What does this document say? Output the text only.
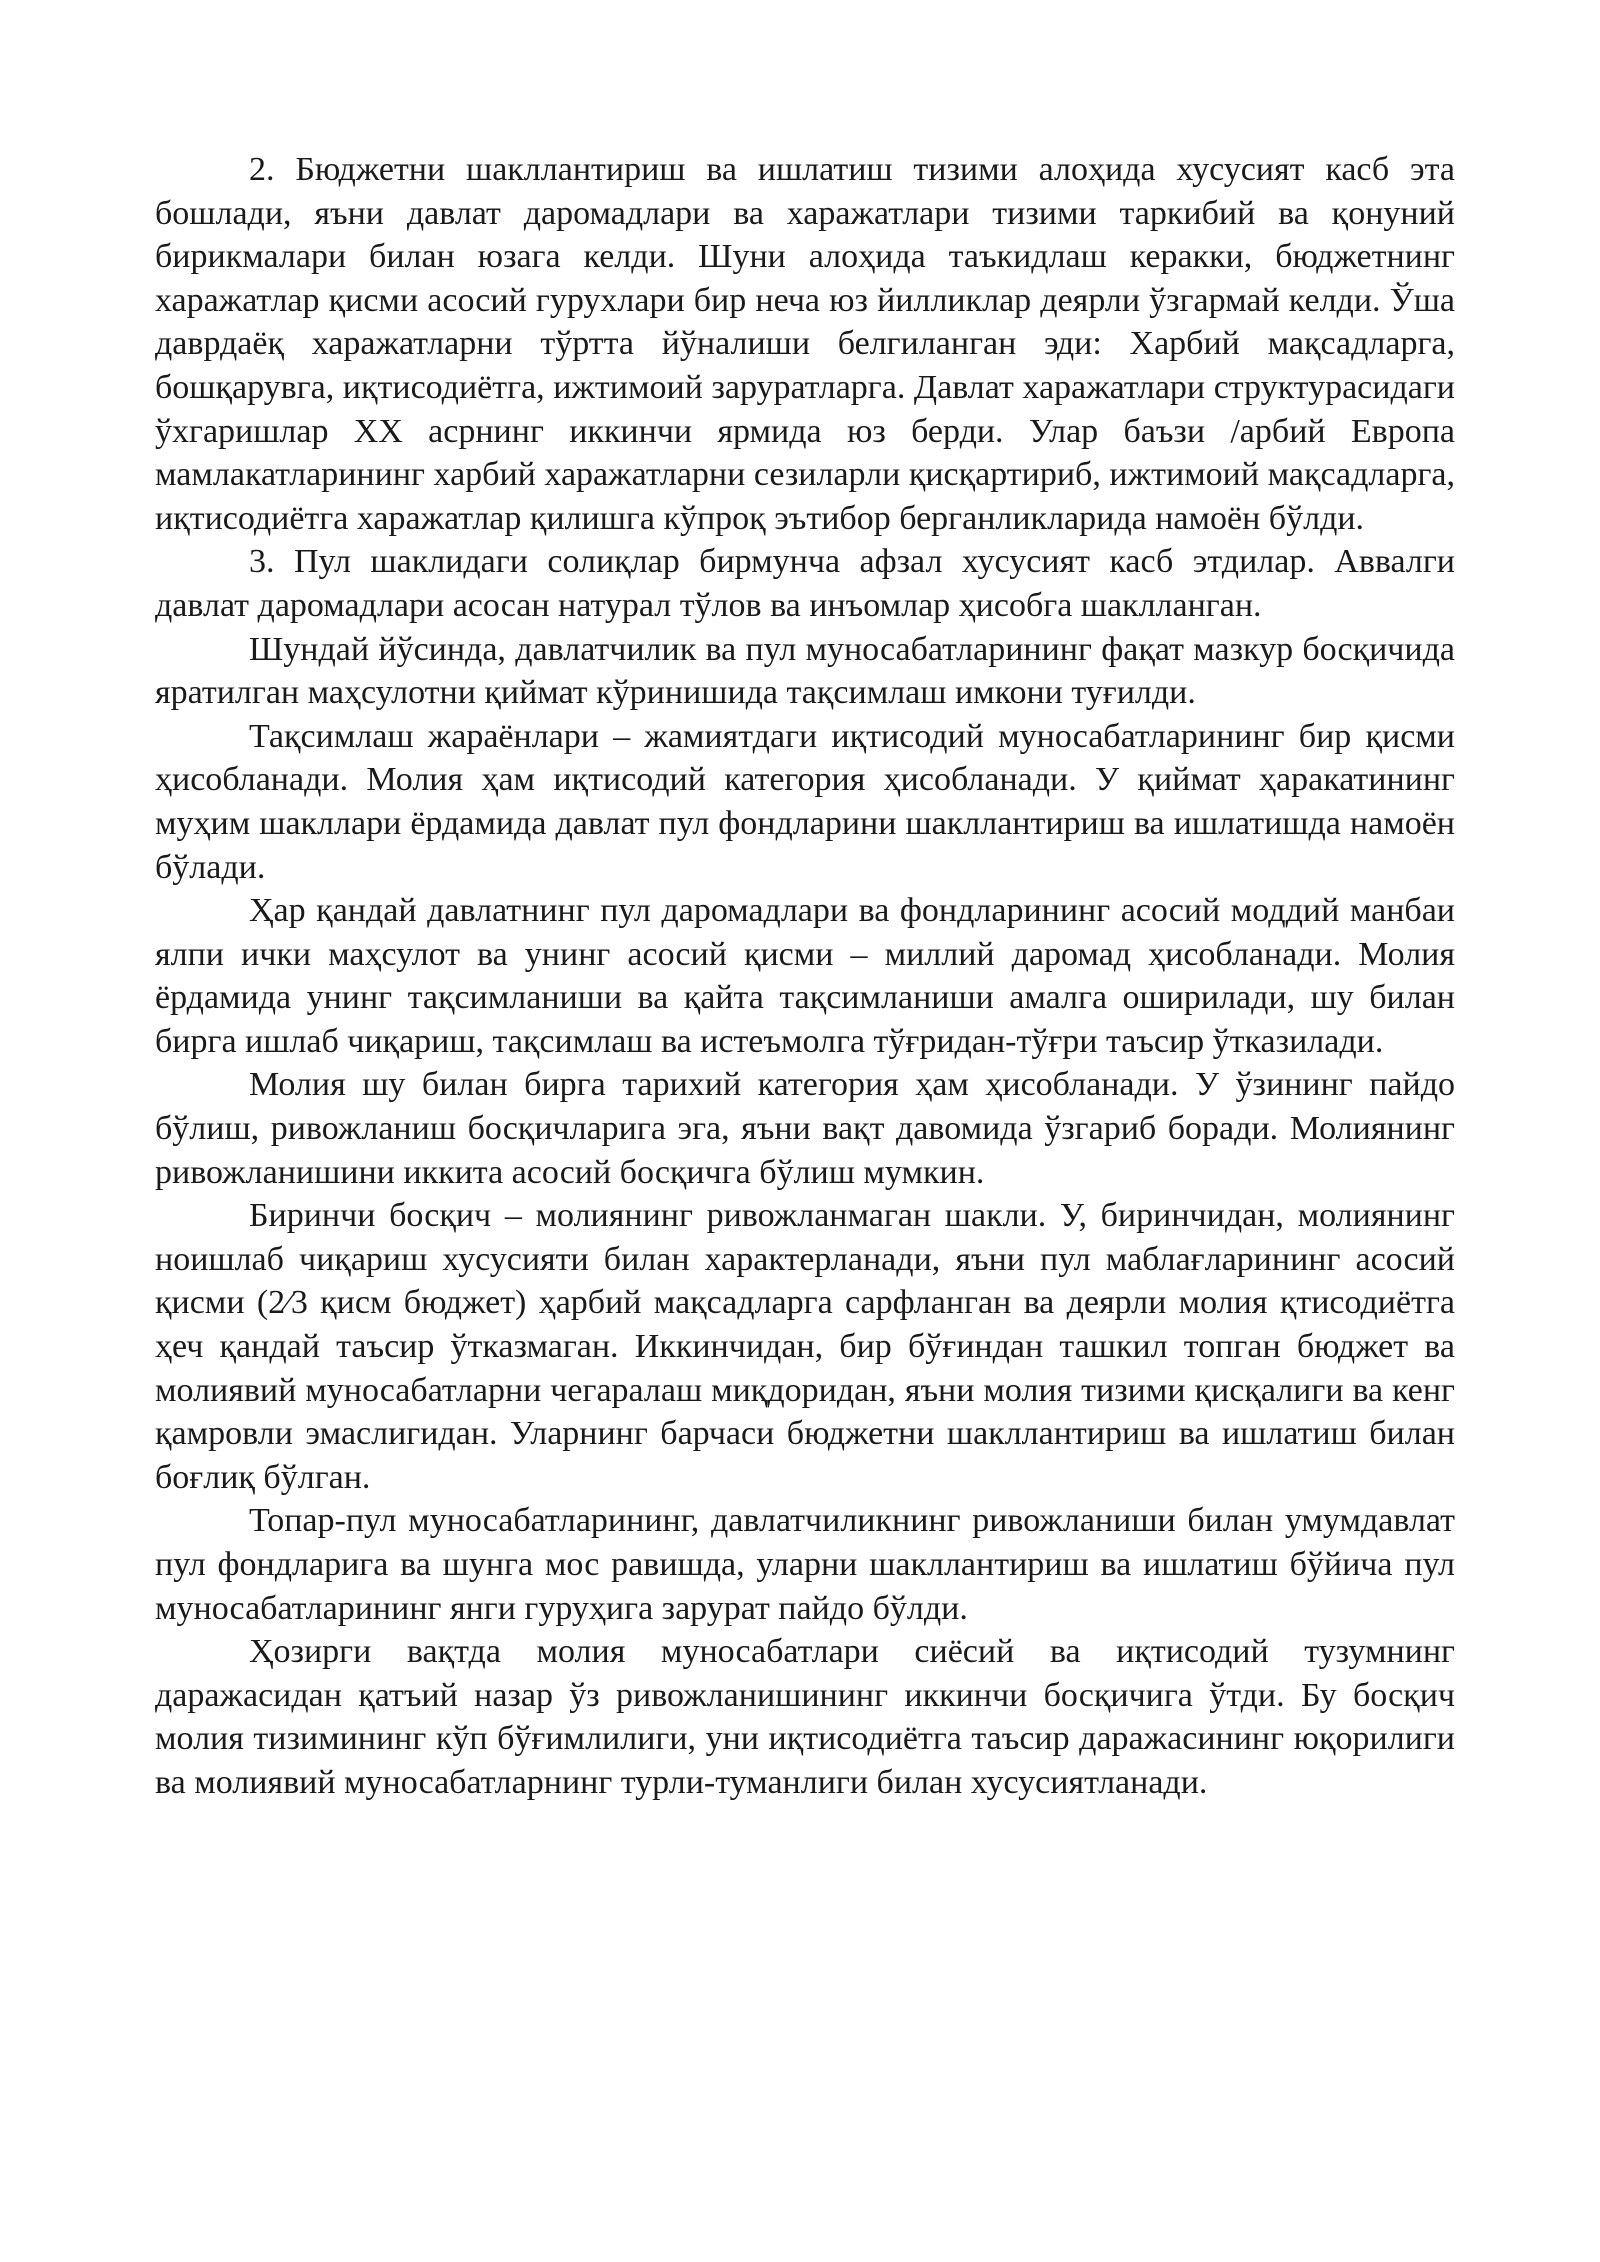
2. Бюджетни шакллантириш ва ишлатиш тизими алоҳида хусусият касб эта бошлади, яъни давлат даромадлари ва харажатлари тизими таркибий ва қонуний бирикмалари билан юзага келди. Шуни алоҳида таъкидлаш керакки, бюджетнинг харажатлар қисми асосий гурухлари бир неча юз йилликлар деярли ўзгармай келди. Ўша даврдаёқ харажатларни тўртта йўналиши белгиланган эди: Харбий мақсадларга, бошқарувга, иқтисодиётга, ижтимоий заруратларга. Давлат харажатлари структурасидаги ўхгаришлар XX асрнинг иккинчи ярмида юз берди. Улар баъзи /арбий Европа мамлакатларининг харбий харажатларни сезиларли қисқартириб, ижтимоий мақсадларга, иқтисодиётга харажатлар қилишга кўпроқ эътибор берганликларида намоён бўлди.

3. Пул шаклидаги солиқлар бирмунча афзал хусусият касб этдилар. Аввалги давлат даромадлари асосан натурал тўлов ва инъомлар ҳисобга шаклланган.

Шундай йўсинда, давлатчилик ва пул муносабатларининг фақат мазкур босқичида яратилган маҳсулотни қиймат кўринишида тақсимлаш имкони туғилди.

Тақсимлаш жараёнлари – жамиятдаги иқтисодий муносабатларининг бир қисми ҳисобланади. Молия ҳам иқтисодий категория ҳисобланади. У қиймат ҳаракатининг муҳим шакллари ёрдамида давлат пул фондларини шакллантириш ва ишлатишда намоён бўлади.

Ҳар қандай давлатнинг пул даромадлари ва фондларининг асосий моддий манбаи ялпи ички маҳсулот ва унинг асосий қисми – миллий даромад ҳисобланади. Молия ёрдамида унинг тақсимланиши ва қайта тақсимланиши амалга оширилади, шу билан бирга ишлаб чиқариш, тақсимлаш ва истеъмолга тўғридан-тўғри таъсир ўтказилади.

Молия шу билан бирга тарихий категория ҳам ҳисобланади. У ўзининг пайдо бўлиш, ривожланиш босқичларига эга, яъни вақт давомида ўзгариб боради. Молиянинг ривожланишини иккита асосий босқичга бўлиш мумкин.

Биринчи босқич – молиянинг ривожланмаган шакли. У, биринчидан, молиянинг ноишлаб чиқариш хусусияти билан характерланади, яъни пул маблағларининг асосий қисми (2⁄3 қисм бюджет) ҳарбий мақсадларга сарфланган ва деярли молия қтисодиётга ҳеч қандай таъсир ўтказмаган. Иккинчидан, бир бўғиндан ташкил топган бюджет ва молиявий муносабатларни чегаралаш миқдоридан, яъни молия тизими қисқалиги ва кенг қамровли эмаслигидан. Уларнинг барчаси бюджетни шакллантириш ва ишлатиш билан боғлиқ бўлган.

Топар-пул муносабатларининг, давлатчиликнинг ривожланиши билан умумдавлат пул фондларига ва шунга мос равишда, уларни шакллантириш ва ишлатиш бўйича пул муносабатларининг янги гуруҳига зарурат пайдо бўлди.

Ҳозирги вақтда молия муносабатлари сиёсий ва иқтисодий тузумнинг даражасидан қатъий назар ўз ривожланишининг иккинчи босқичига ўтди. Бу босқич молия тизимининг кўп бўғимлилиги, уни иқтисодиётга таъсир даражасининг юқорилиги ва молиявий муносабатларнинг турли-туманлиги билан хусусиятланади.
